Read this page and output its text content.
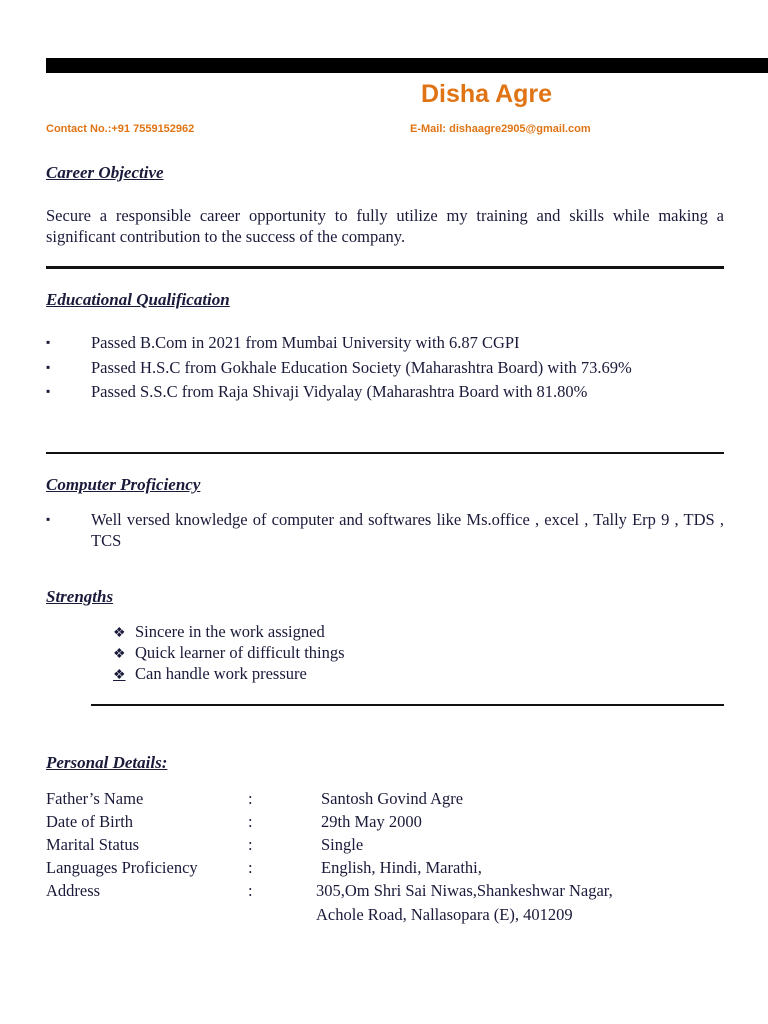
Disha Agre
Contact No.:+91 7559152962	E-Mail: dishaagre2905@gmail.com
Career Objective
Secure a responsible career opportunity to fully utilize my training and skills while making a significant contribution to the success of the company.
Educational Qualification
▪ Passed B.Com in 2021 from Mumbai University with 6.87 CGPI
▪ Passed H.S.C from Gokhale Education Society (Maharashtra Board) with 73.69%
▪ Passed S.S.C from Raja Shivaji Vidyalay (Maharashtra Board with 81.80%
Computer Proficiency
▪ Well versed knowledge of computer and softwares like Ms.office , excel , Tally Erp 9 , TDS , TCS
Strengths
❖ Sincere in the work assigned
❖ Quick learner of difficult things
❖ Can handle work pressure
Personal Details:
Father’s Name	:	Santosh Govind Agre
Date of Birth	:	29th May 2000
Marital Status	:	Single
Languages Proficiency	:	English, Hindi, Marathi,
Address	:	305,Om Shri Sai Niwas,Shankeshwar Nagar,
Achole Road, Nallasopara (E), 401209
